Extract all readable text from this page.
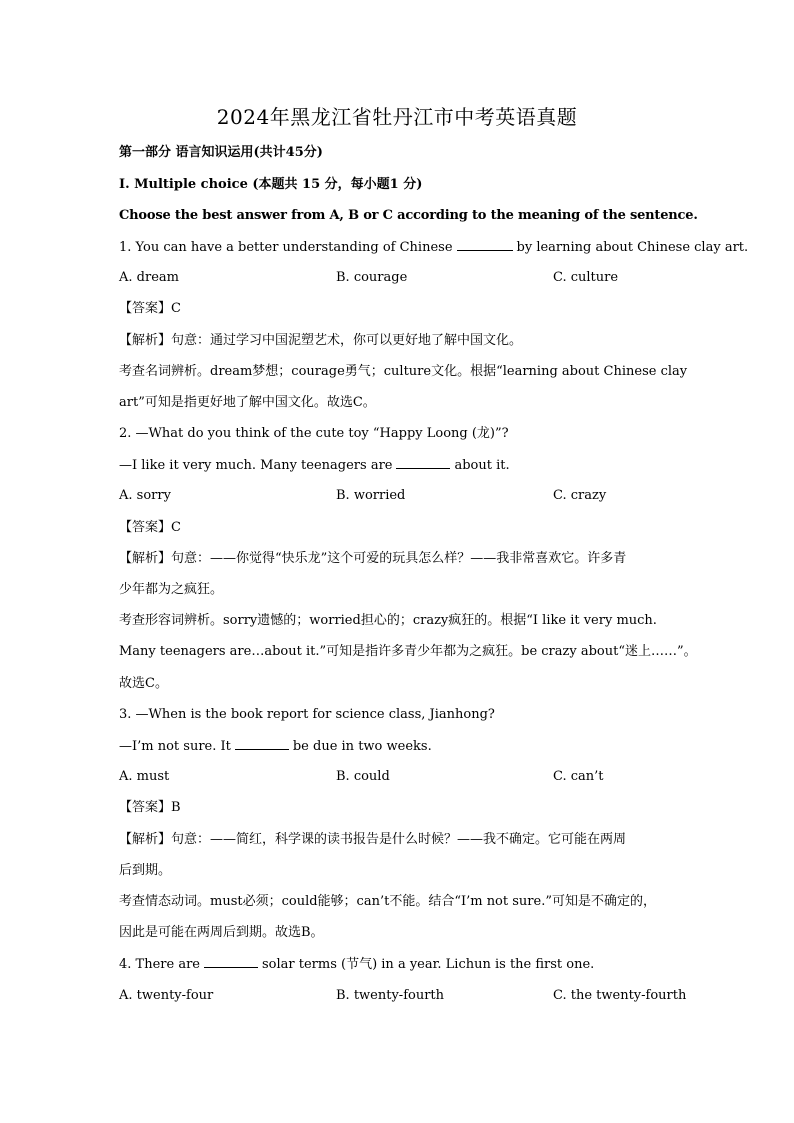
2024年黑龙江省牡丹江市中考英语真题
第一部分 语言知识运用(共计45分)
Ⅰ. Multiple choice (本题共 15 分，每小题1 分)
Choose the best answer from A, B or C according to the meaning of the sentence.
1. You can have a better understanding of Chinese	by learning about Chinese clay art.
A. dream	B. courage	C. culture
【答案】C
【解析】句意：通过学习中国泥塑艺术，你可以更好地了解中国文化。
考查名词辨析。dream梦想；courage勇气；culture文化。根据“learning about Chinese clay
art”可知是指更好地了解中国文化。故选C。
2. —What do you think of the cute toy “Happy Loong (龙)”?
—I like it very much. Many teenagers are	about it.
A. sorry	B. worried	C. crazy
【答案】C
【解析】句意：——你觉得“快乐龙”这个可爱的玩具怎么样？——我非常喜欢它。许多青
少年都为之疯狂。
考查形容词辨析。sorry遗憾的；worried担心的；crazy疯狂的。根据“I like it very much.
Many teenagers are…about it.”可知是指许多青少年都为之疯狂。be crazy about“迷上……”。
故选C。
3. —When is the book report for science class, Jianhong?
—I’m not sure. It	be due in two weeks.
A. must	B. could	C. can’t
【答案】B
【解析】句意：——简红，科学课的读书报告是什么时候？——我不确定。它可能在两周
后到期。
考查情态动词。must必须；could能够；can’t不能。结合“I’m not sure.”可知是不确定的，
因此是可能在两周后到期。故选B。
4. There are	solar terms (节气) in a year. Lichun is the first one.
A. twenty-four	B. twenty-fourth	C. the twenty-fourth
